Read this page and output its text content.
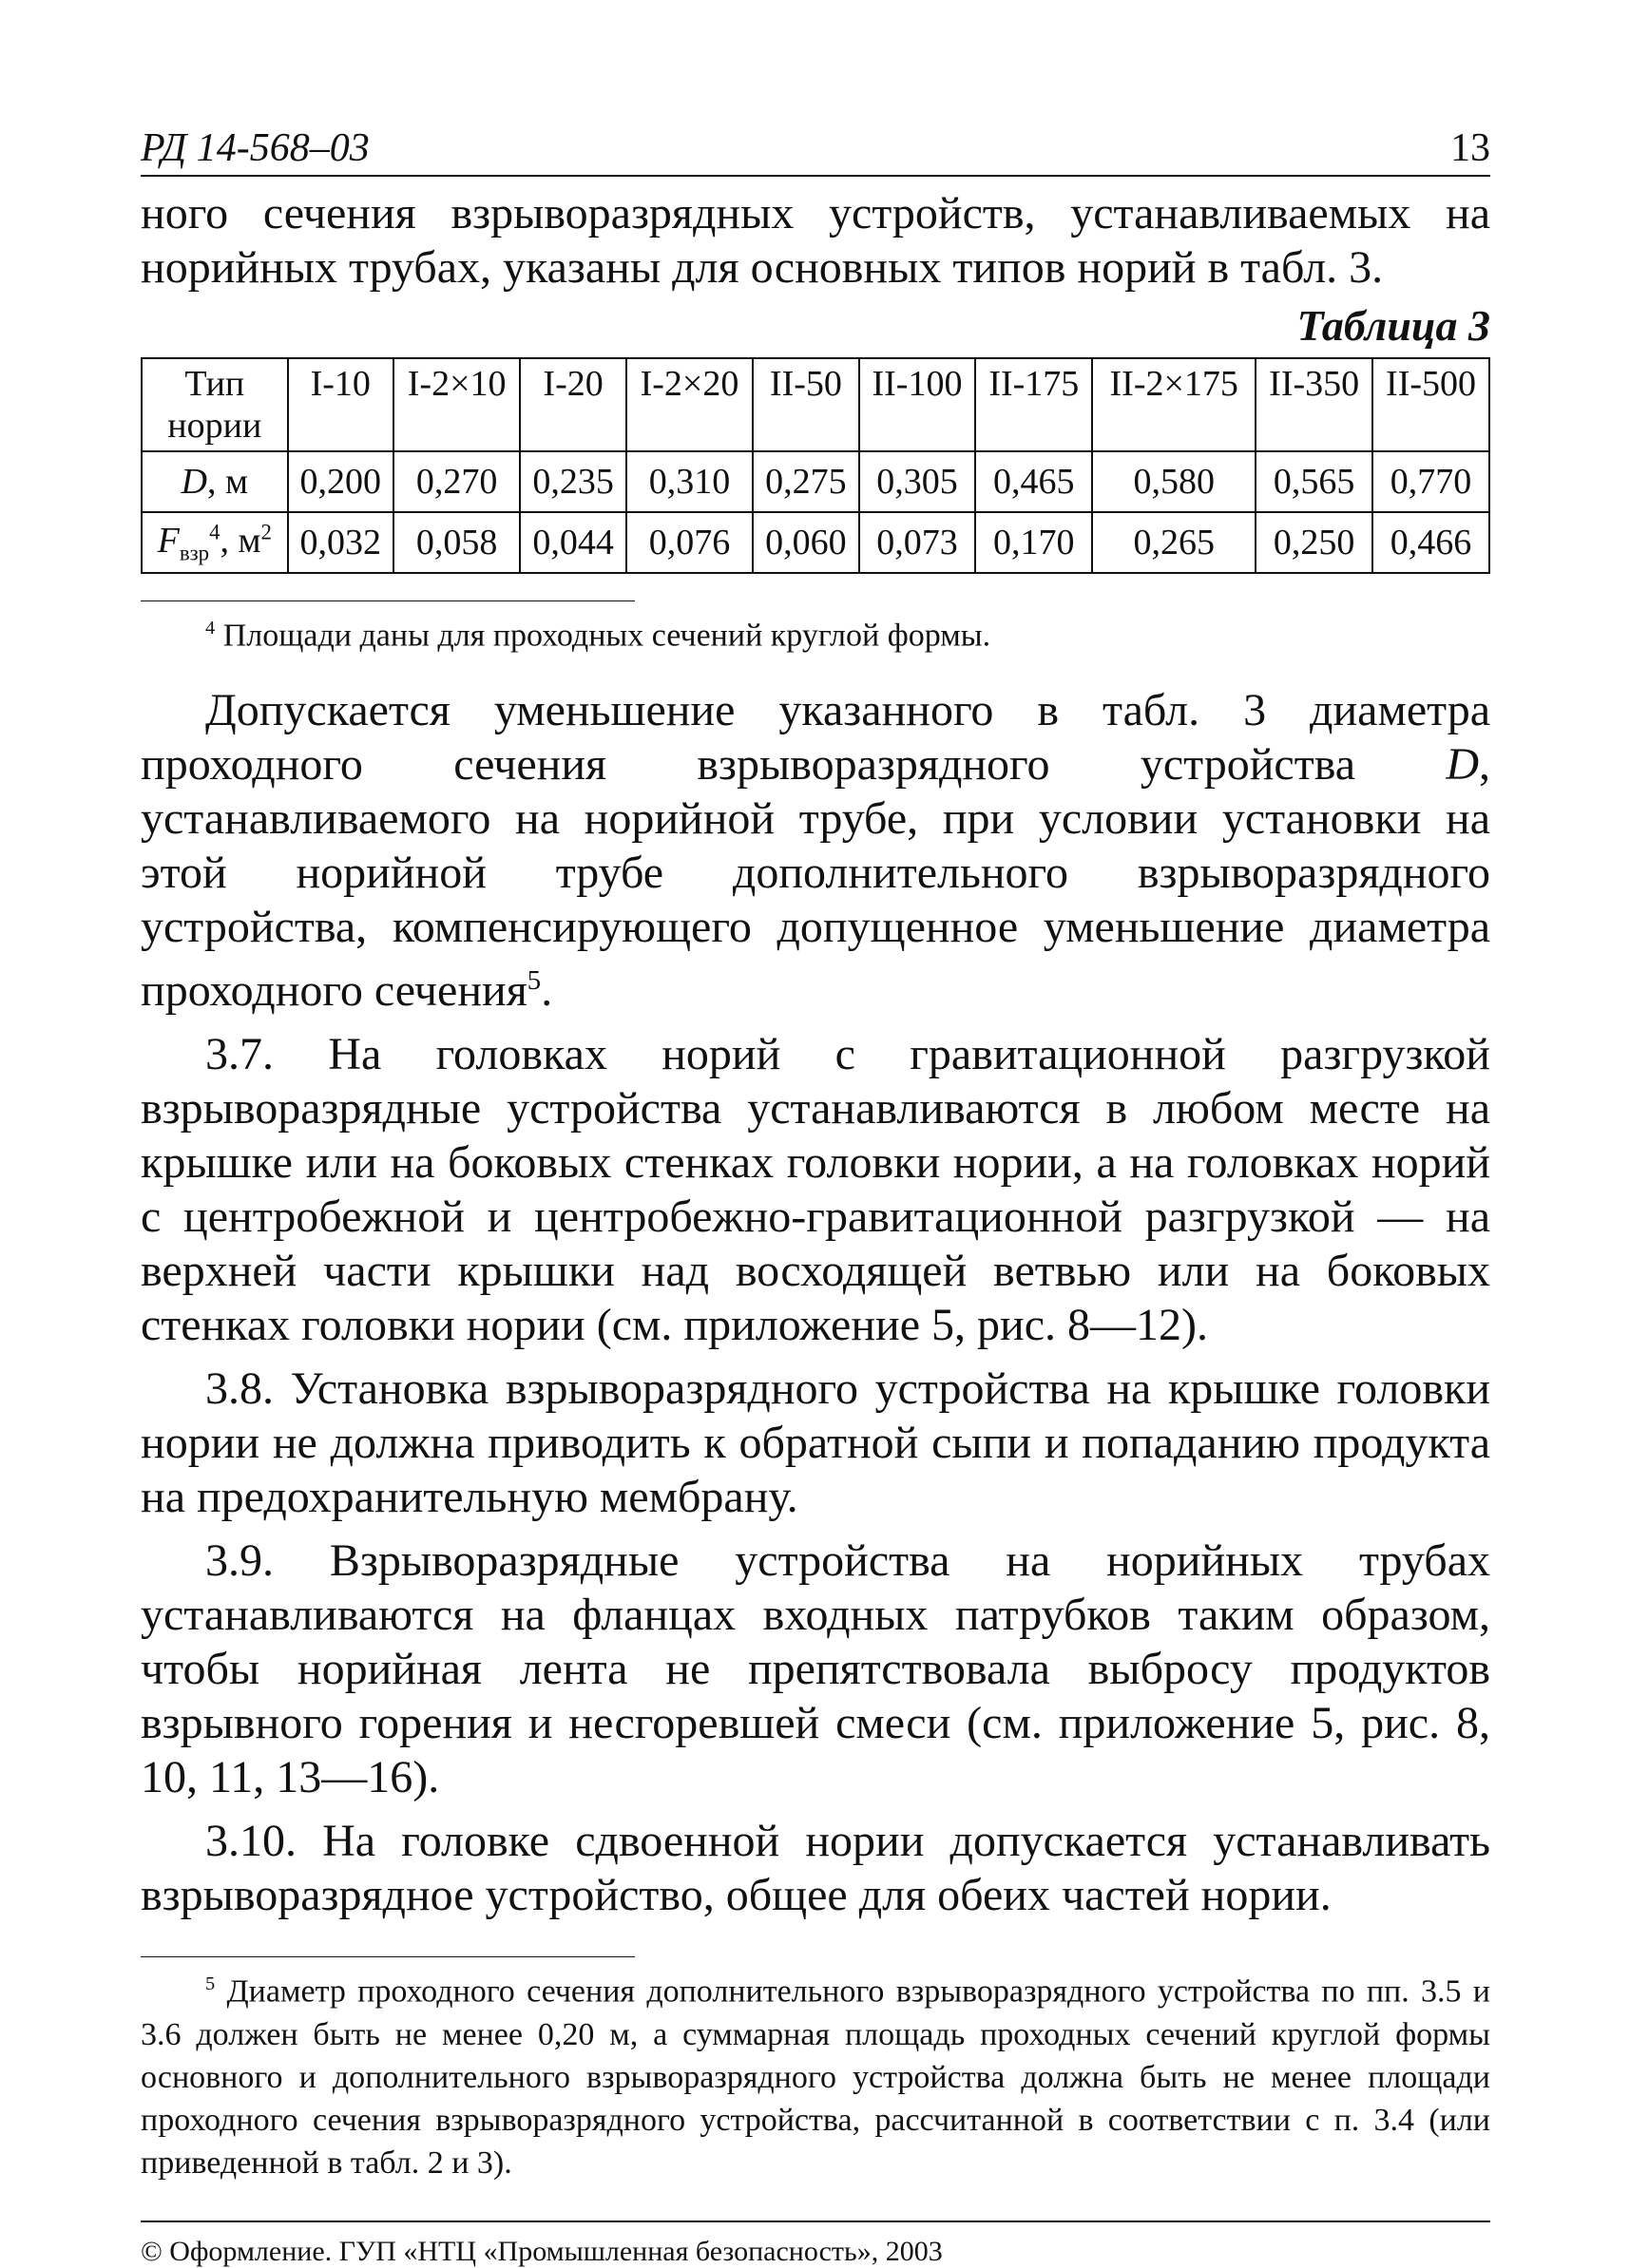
РД 14-568–03	13

ного сечения взрыворазрядных устройств, устанавливаемых на норийных трубах, указаны для основных типов норий в табл. 3.

Таблица 3
Тип
нории	I-10	I-2×10	I-20	I-2×20	II-50	II-100	II-175	II-2×175	II-350	II-500
D, м	0,200	0,270	0,235	0,310	0,275	0,305	0,465	0,580	0,565	0,770
$F_{взр}^4$, $м^2$	0,032	0,058	0,044	0,076	0,060	0,073	0,170	0,265	0,250	0,466

$^4$ Площади даны для проходных сечений круглой формы.

Допускается уменьшение указанного в табл. 3 диаметра проходного сечения взрыворазрядного устройства D, устанавливаемого на норийной трубе, при условии установки на этой норийной трубе дополнительного взрыворазрядного устройства, компенсирующего допущенное уменьшение диаметра проходного сечения$^5$.

3.7. На головках норий с гравитационной разгрузкой взрыворазрядные устройства устанавливаются в любом месте на крышке или на боковых стенках головки нории, а на головках норий с центробежной и центробежно-гравитационной разгрузкой — на верхней части крышки над восходящей ветвью или на боковых стенках головки нории (см. приложение 5, рис. 8—12).

3.8. Установка взрыворазрядного устройства на крышке головки нории не должна приводить к обратной сыпи и попаданию продукта на предохранительную мембрану.

3.9. Взрыворазрядные устройства на норийных трубах устанавливаются на фланцах входных патрубков таким образом, чтобы норийная лента не препятствовала выбросу продуктов взрывного горения и несгоревшей смеси (см. приложение 5, рис. 8, 10, 11, 13—16).

3.10. На головке сдвоенной нории допускается устанавливать взрыворазрядное устройство, общее для обеих частей нории.

$^5$ Диаметр проходного сечения дополнительного взрыворазрядного устройства по пп. 3.5 и 3.6 должен быть не менее 0,20 м, а суммарная площадь проходных сечений круглой формы основного и дополнительного взрыворазрядного устройства должна быть не менее площади проходного сечения взрыворазрядного устройства, рассчитанной в соответствии с п. 3.4 (или приведенной в табл. 2 и 3).

© Оформление. ГУП «НТЦ «Промышленная безопасность», 2003
